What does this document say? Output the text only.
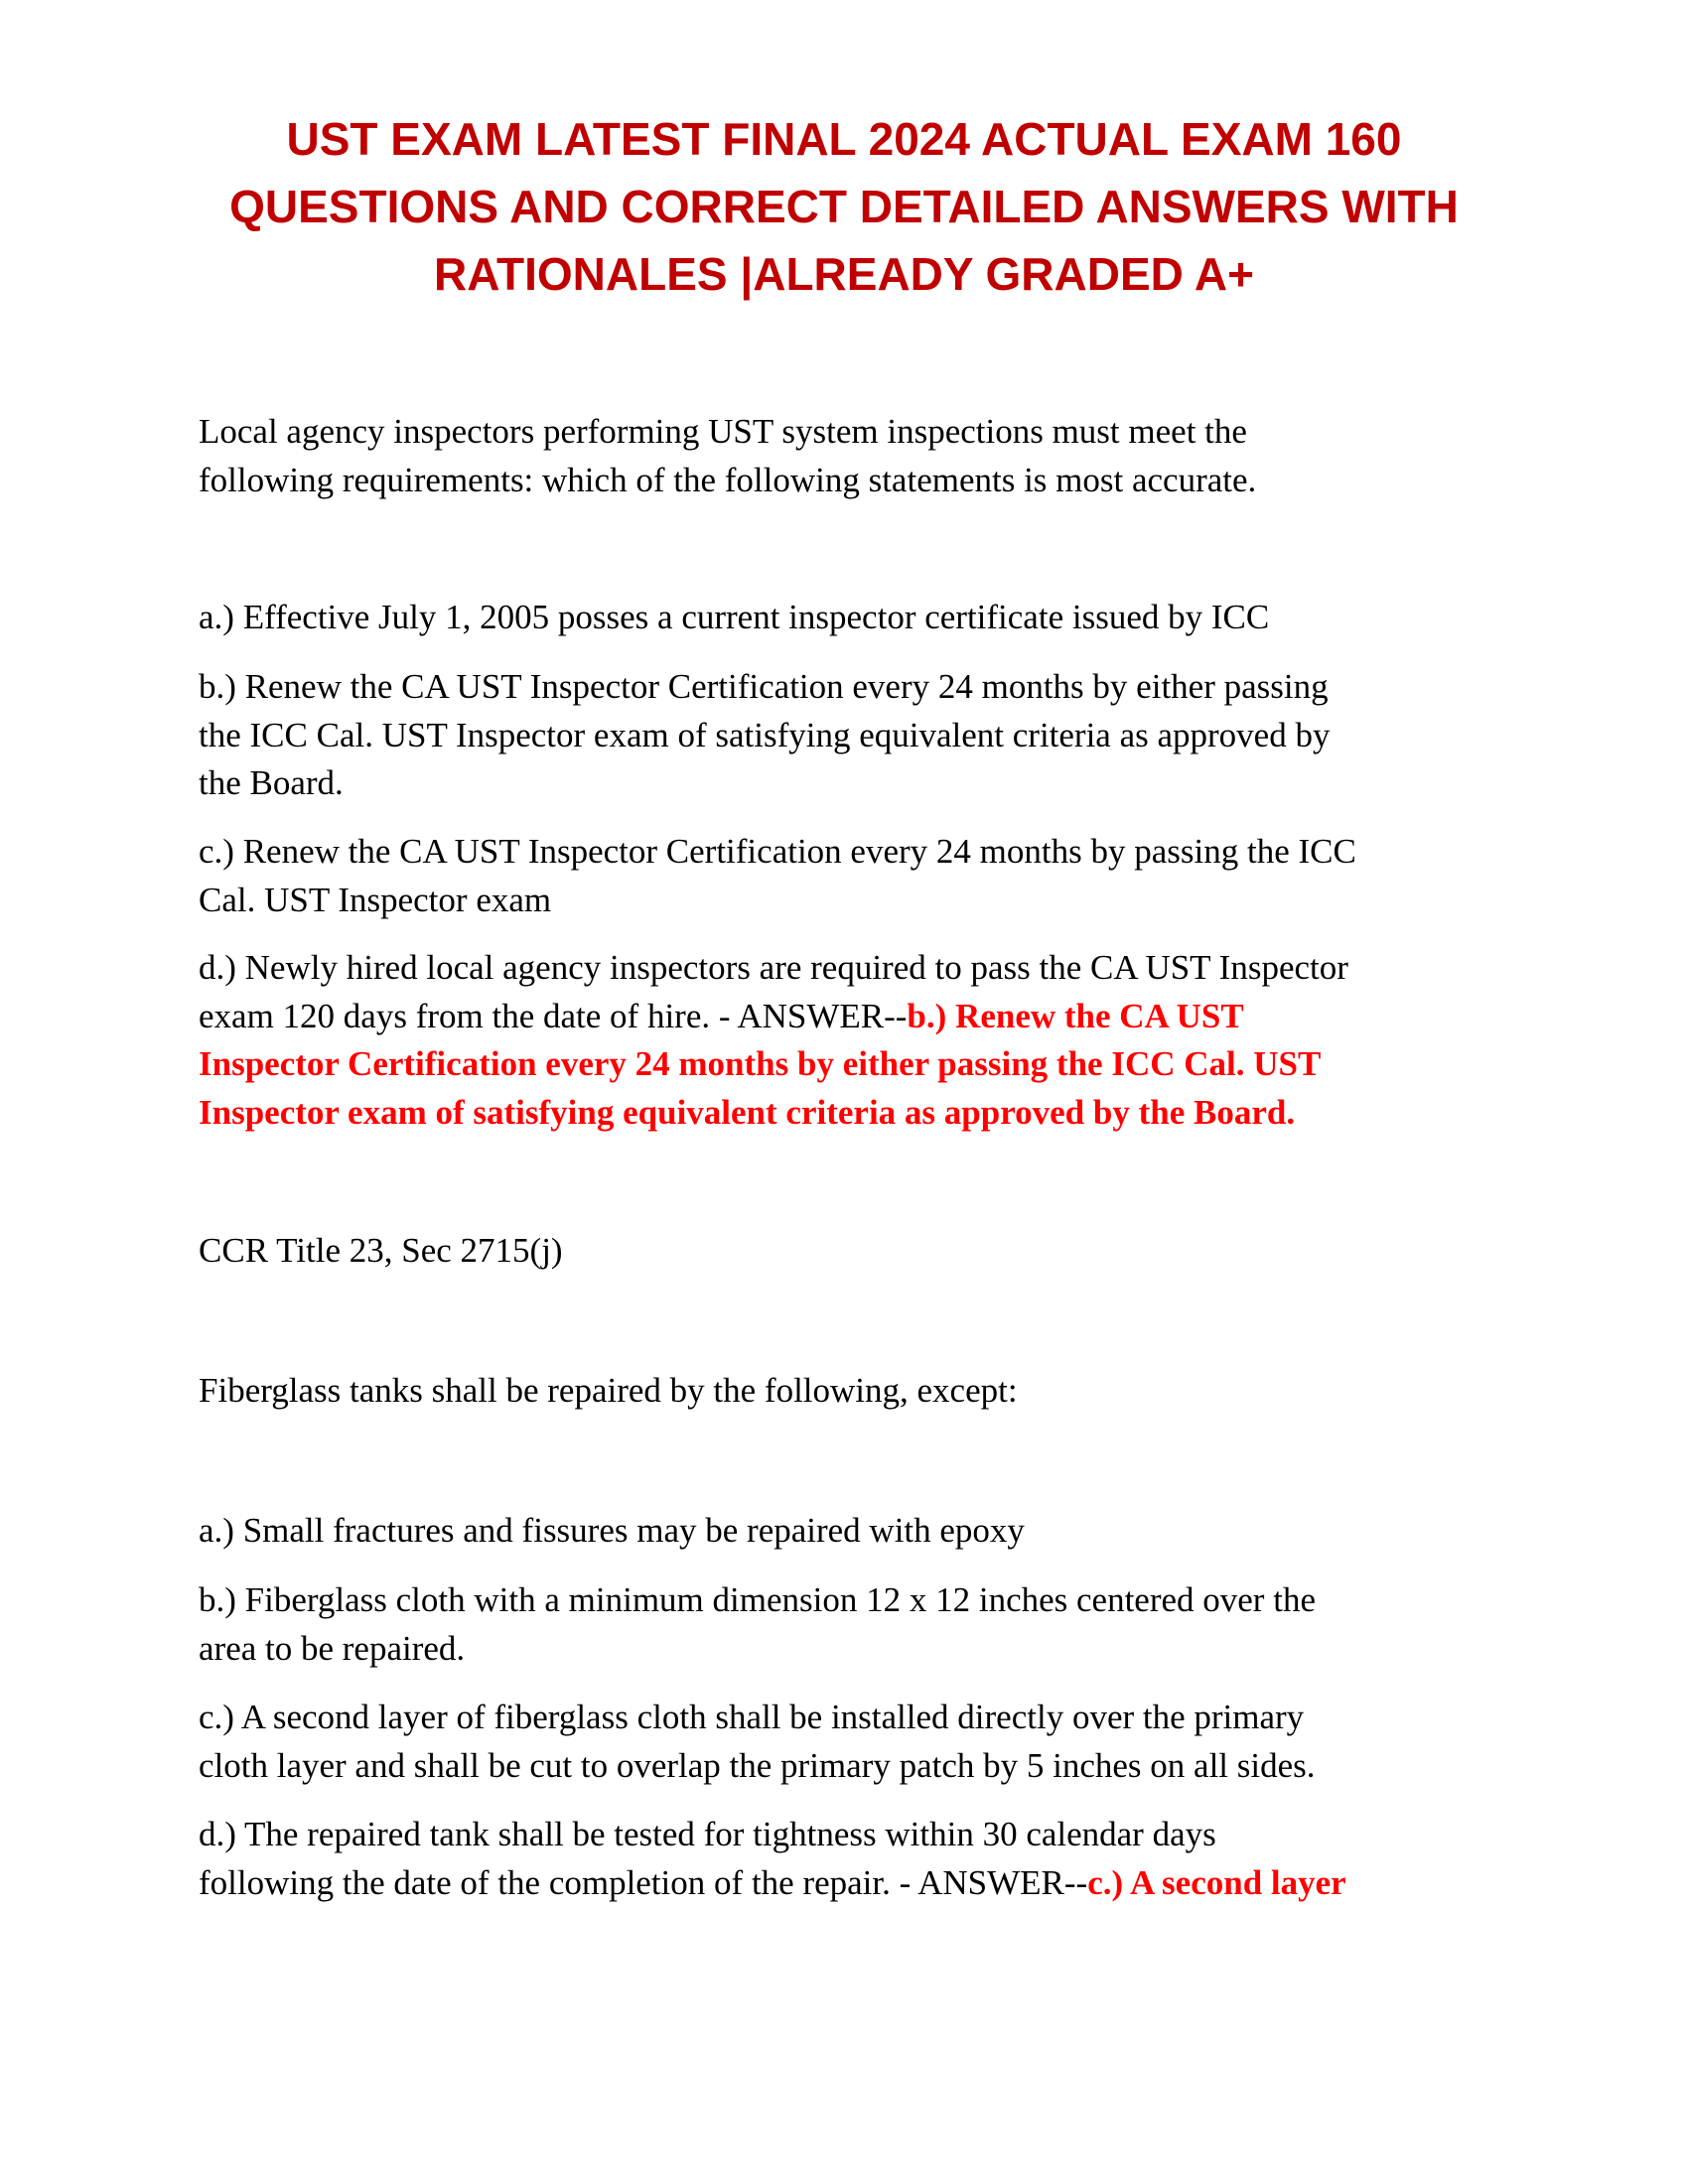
UST EXAM LATEST FINAL 2024 ACTUAL EXAM 160
QUESTIONS AND CORRECT DETAILED ANSWERS WITH
RATIONALES |ALREADY GRADED A+
Local agency inspectors performing UST system inspections must meet the
following requirements: which of the following statements is most accurate.
a.) Effective July 1, 2005 posses a current inspector certificate issued by ICC
b.) Renew the CA UST Inspector Certification every 24 months by either passing
the ICC Cal. UST Inspector exam of satisfying equivalent criteria as approved by
the Board.
c.) Renew the CA UST Inspector Certification every 24 months by passing the ICC
Cal. UST Inspector exam
d.) Newly hired local agency inspectors are required to pass the CA UST Inspector
exam 120 days from the date of hire. - ANSWER--b.) Renew the CA UST
Inspector Certification every 24 months by either passing the ICC Cal. UST
Inspector exam of satisfying equivalent criteria as approved by the Board.
CCR Title 23, Sec 2715(j)
Fiberglass tanks shall be repaired by the following, except:
a.) Small fractures and fissures may be repaired with epoxy
b.) Fiberglass cloth with a minimum dimension 12 x 12 inches centered over the
area to be repaired.
c.) A second layer of fiberglass cloth shall be installed directly over the primary
cloth layer and shall be cut to overlap the primary patch by 5 inches on all sides.
d.) The repaired tank shall be tested for tightness within 30 calendar days
following the date of the completion of the repair. - ANSWER--c.) A second layer
